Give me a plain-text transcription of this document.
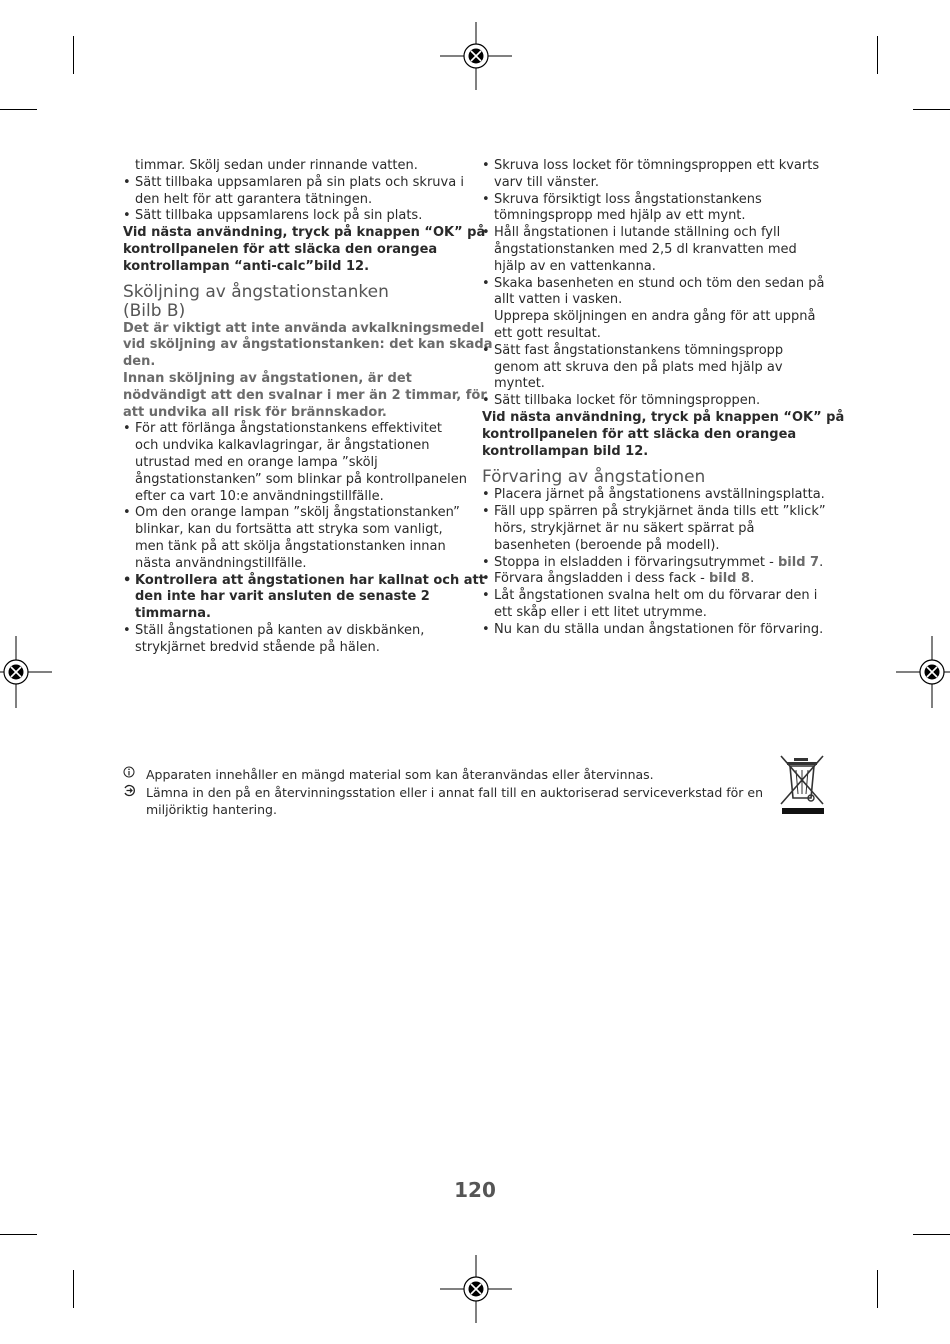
timmar. Skölj sedan under rinnande vatten.
• Sätt tillbaka uppsamlaren på sin plats och skruva i
den helt för att garantera tätningen.
• Sätt tillbaka uppsamlarens lock på sin plats.
Vid nästa användning, tryck på knappen “OK” på
kontrollpanelen för att släcka den orangea
kontrollampan “anti-calc”bild 12.
Sköljning av ångstationstanken
(Bilb B)
Det är viktigt att inte använda avkalkningsmedel
vid sköljning av ångstationstanken: det kan skada
den.
Innan sköljning av ångstationen, är det
nödvändigt att den svalnar i mer än 2 timmar, för
att undvika all risk för brännskador.
• För att förlänga ångstationstankens effektivitet
och undvika kalkavlagringar, är ångstationen
utrustad med en orange lampa ”skölj
ångstationstanken” som blinkar på kontrollpanelen
efter ca vart 10:e användningstillfälle.
• Om den orange lampan ”skölj ångstationstanken”
blinkar, kan du fortsätta att stryka som vanligt,
men tänk på att skölja ångstationstanken innan
nästa användningstillfälle.
• Kontrollera att ångstationen har kallnat och att
den inte har varit ansluten de senaste 2
timmarna.
• Ställ ångstationen på kanten av diskbänken,
strykjärnet bredvid stående på hälen.
• Skruva loss locket för tömningsproppen ett kvarts
varv till vänster.
• Skruva försiktigt loss ångstationstankens
tömningspropp med hjälp av ett mynt.
• Håll ångstationen i lutande ställning och fyll
ångstationstanken med 2,5 dl kranvatten med
hjälp av en vattenkanna.
• Skaka basenheten en stund och töm den sedan på
allt vatten i vasken.
Upprepa sköljningen en andra gång för att uppnå
ett gott resultat.
• Sätt fast ångstationstankens tömningspropp
genom att skruva den på plats med hjälp av
myntet.
• Sätt tillbaka locket för tömningsproppen.
Vid nästa användning, tryck på knappen “OK” på
kontrollpanelen för att släcka den orangea
kontrollampan bild 12.
Förvaring av ångstationen
• Placera järnet på ångstationens avställningsplatta.
• Fäll upp spärren på strykjärnet ända tills ett ”klick”
hörs, strykjärnet är nu säkert spärrat på
basenheten (beroende på modell).
• Stoppa in elsladden i förvaringsutrymmet - bild 7.
• Förvara ångsladden i dess fack - bild 8.
• Låt ångstationen svalna helt om du förvarar den i
ett skåp eller i ett litet utrymme.
• Nu kan du ställa undan ångstationen för förvaring.
Apparaten innehåller en mängd material som kan återanvändas eller återvinnas.
Lämna in den på en återvinningsstation eller i annat fall till en auktoriserad serviceverkstad för en
miljöriktig hantering.
120
